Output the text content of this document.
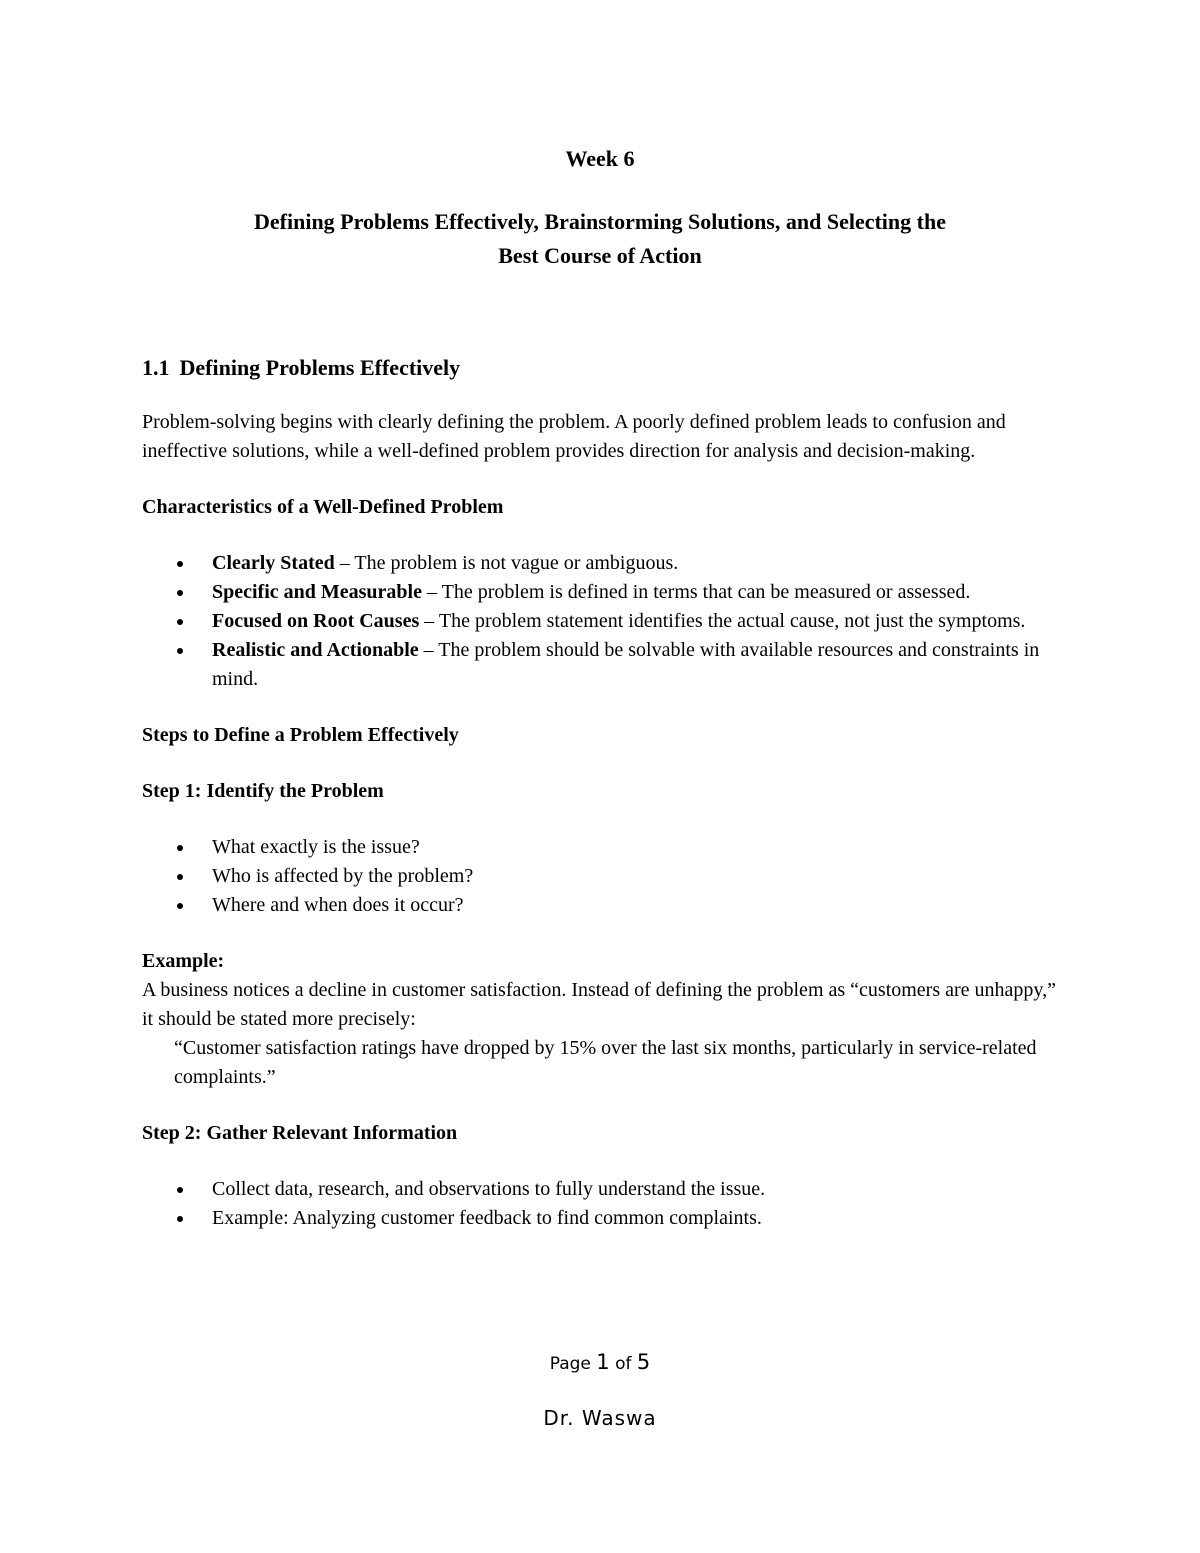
Week 6
Defining Problems Effectively, Brainstorming Solutions, and Selecting the
Best Course of Action
1.1 Defining Problems Effectively

Problem-solving begins with clearly defining the problem. A poorly defined problem leads to confusion and ineffective solutions, while a well-defined problem provides direction for analysis and decision-making.

Characteristics of a Well-Defined Problem

Clearly Stated – The problem is not vague or ambiguous.
Specific and Measurable – The problem is defined in terms that can be measured or assessed.
Focused on Root Causes – The problem statement identifies the actual cause, not just the symptoms.
Realistic and Actionable – The problem should be solvable with available resources and constraints in mind.

Steps to Define a Problem Effectively

Step 1: Identify the Problem

What exactly is the issue?
Who is affected by the problem?
Where and when does it occur?

Example:

A business notices a decline in customer satisfaction. Instead of defining the problem as “customers are unhappy,” it should be stated more precisely:

“Customer satisfaction ratings have dropped by 15% over the last six months, particularly in service-related complaints.”

Step 2: Gather Relevant Information

Collect data, research, and observations to fully understand the issue.
Example: Analyzing customer feedback to find common complaints.
Page 1 of 5
Dr. Waswa
